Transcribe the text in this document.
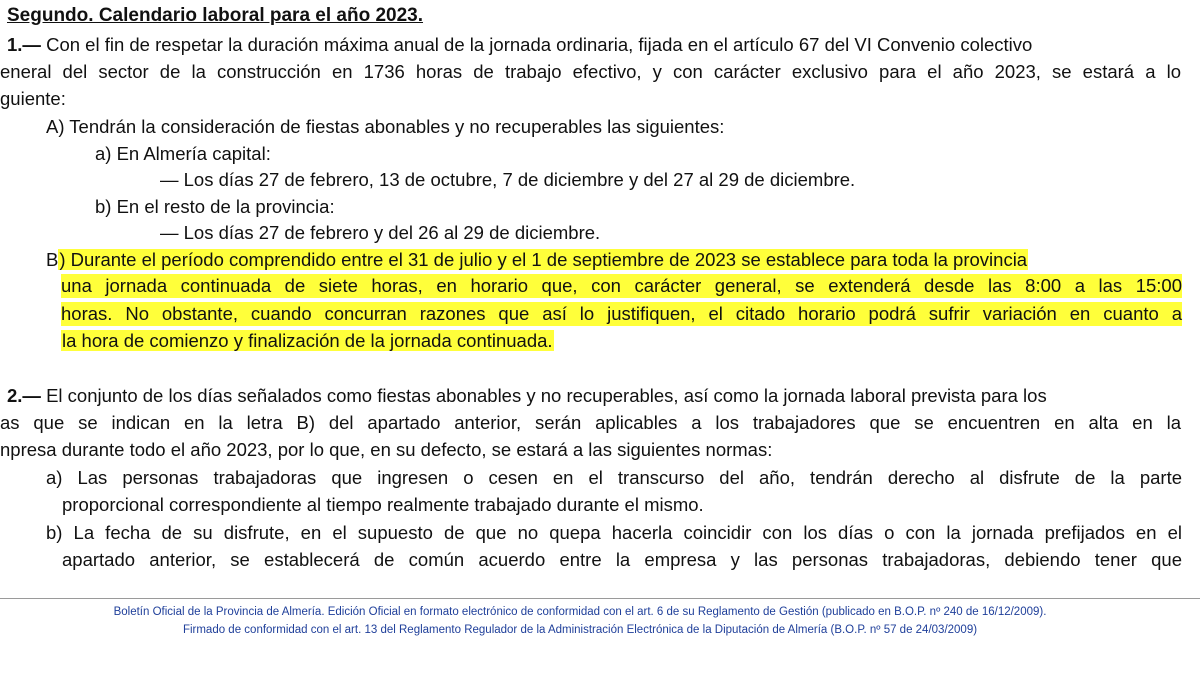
Segundo. Calendario laboral para el año 2023.
1.— Con el fin de respetar la duración máxima anual de la jornada ordinaria, fijada en el artículo 67 del VI Convenio colectivo
eneral del sector de la construcción en 1736 horas de trabajo efectivo, y con carácter exclusivo para el año 2023, se estará a lo
guiente:
A) Tendrán la consideración de fiestas abonables y no recuperables las siguientes:
a) En Almería capital:
— Los días 27 de febrero, 13 de octubre, 7 de diciembre y del 27 al 29 de diciembre.
b) En el resto de la provincia:
— Los días 27 de febrero y del 26 al 29 de diciembre.
B) Durante el período comprendido entre el 31 de julio y el 1 de septiembre de 2023 se establece para toda la provincia
una jornada continuada de siete horas, en horario que, con carácter general, se extenderá desde las 8:00 a las 15:00
horas. No obstante, cuando concurran razones que así lo justifiquen, el citado horario podrá sufrir variación en cuanto a
la hora de comienzo y finalización de la jornada continuada.
2.— El conjunto de los días señalados como fiestas abonables y no recuperables, así como la jornada laboral prevista para los
as que se indican en la letra B) del apartado anterior, serán aplicables a los trabajadores que se encuentren en alta en la
npresa durante todo el año 2023, por lo que, en su defecto, se estará a las siguientes normas:
a) Las personas trabajadoras que ingresen o cesen en el transcurso del año, tendrán derecho al disfrute de la parte
proporcional correspondiente al tiempo realmente trabajado durante el mismo.
b) La fecha de su disfrute, en el supuesto de que no quepa hacerla coincidir con los días o con la jornada prefijados en el
apartado anterior, se establecerá de común acuerdo entre la empresa y las personas trabajadoras, debiendo tener que
Boletín Oficial de la Provincia de Almería. Edición Oficial en formato electrónico de conformidad con el art. 6 de su Reglamento de Gestión (publicado en B.O.P. nº 240 de 16/12/2009).
Firmado de conformidad con el art. 13 del Reglamento Regulador de la Administración Electrónica de la Diputación de Almería (B.O.P. nº 57 de 24/03/2009)
